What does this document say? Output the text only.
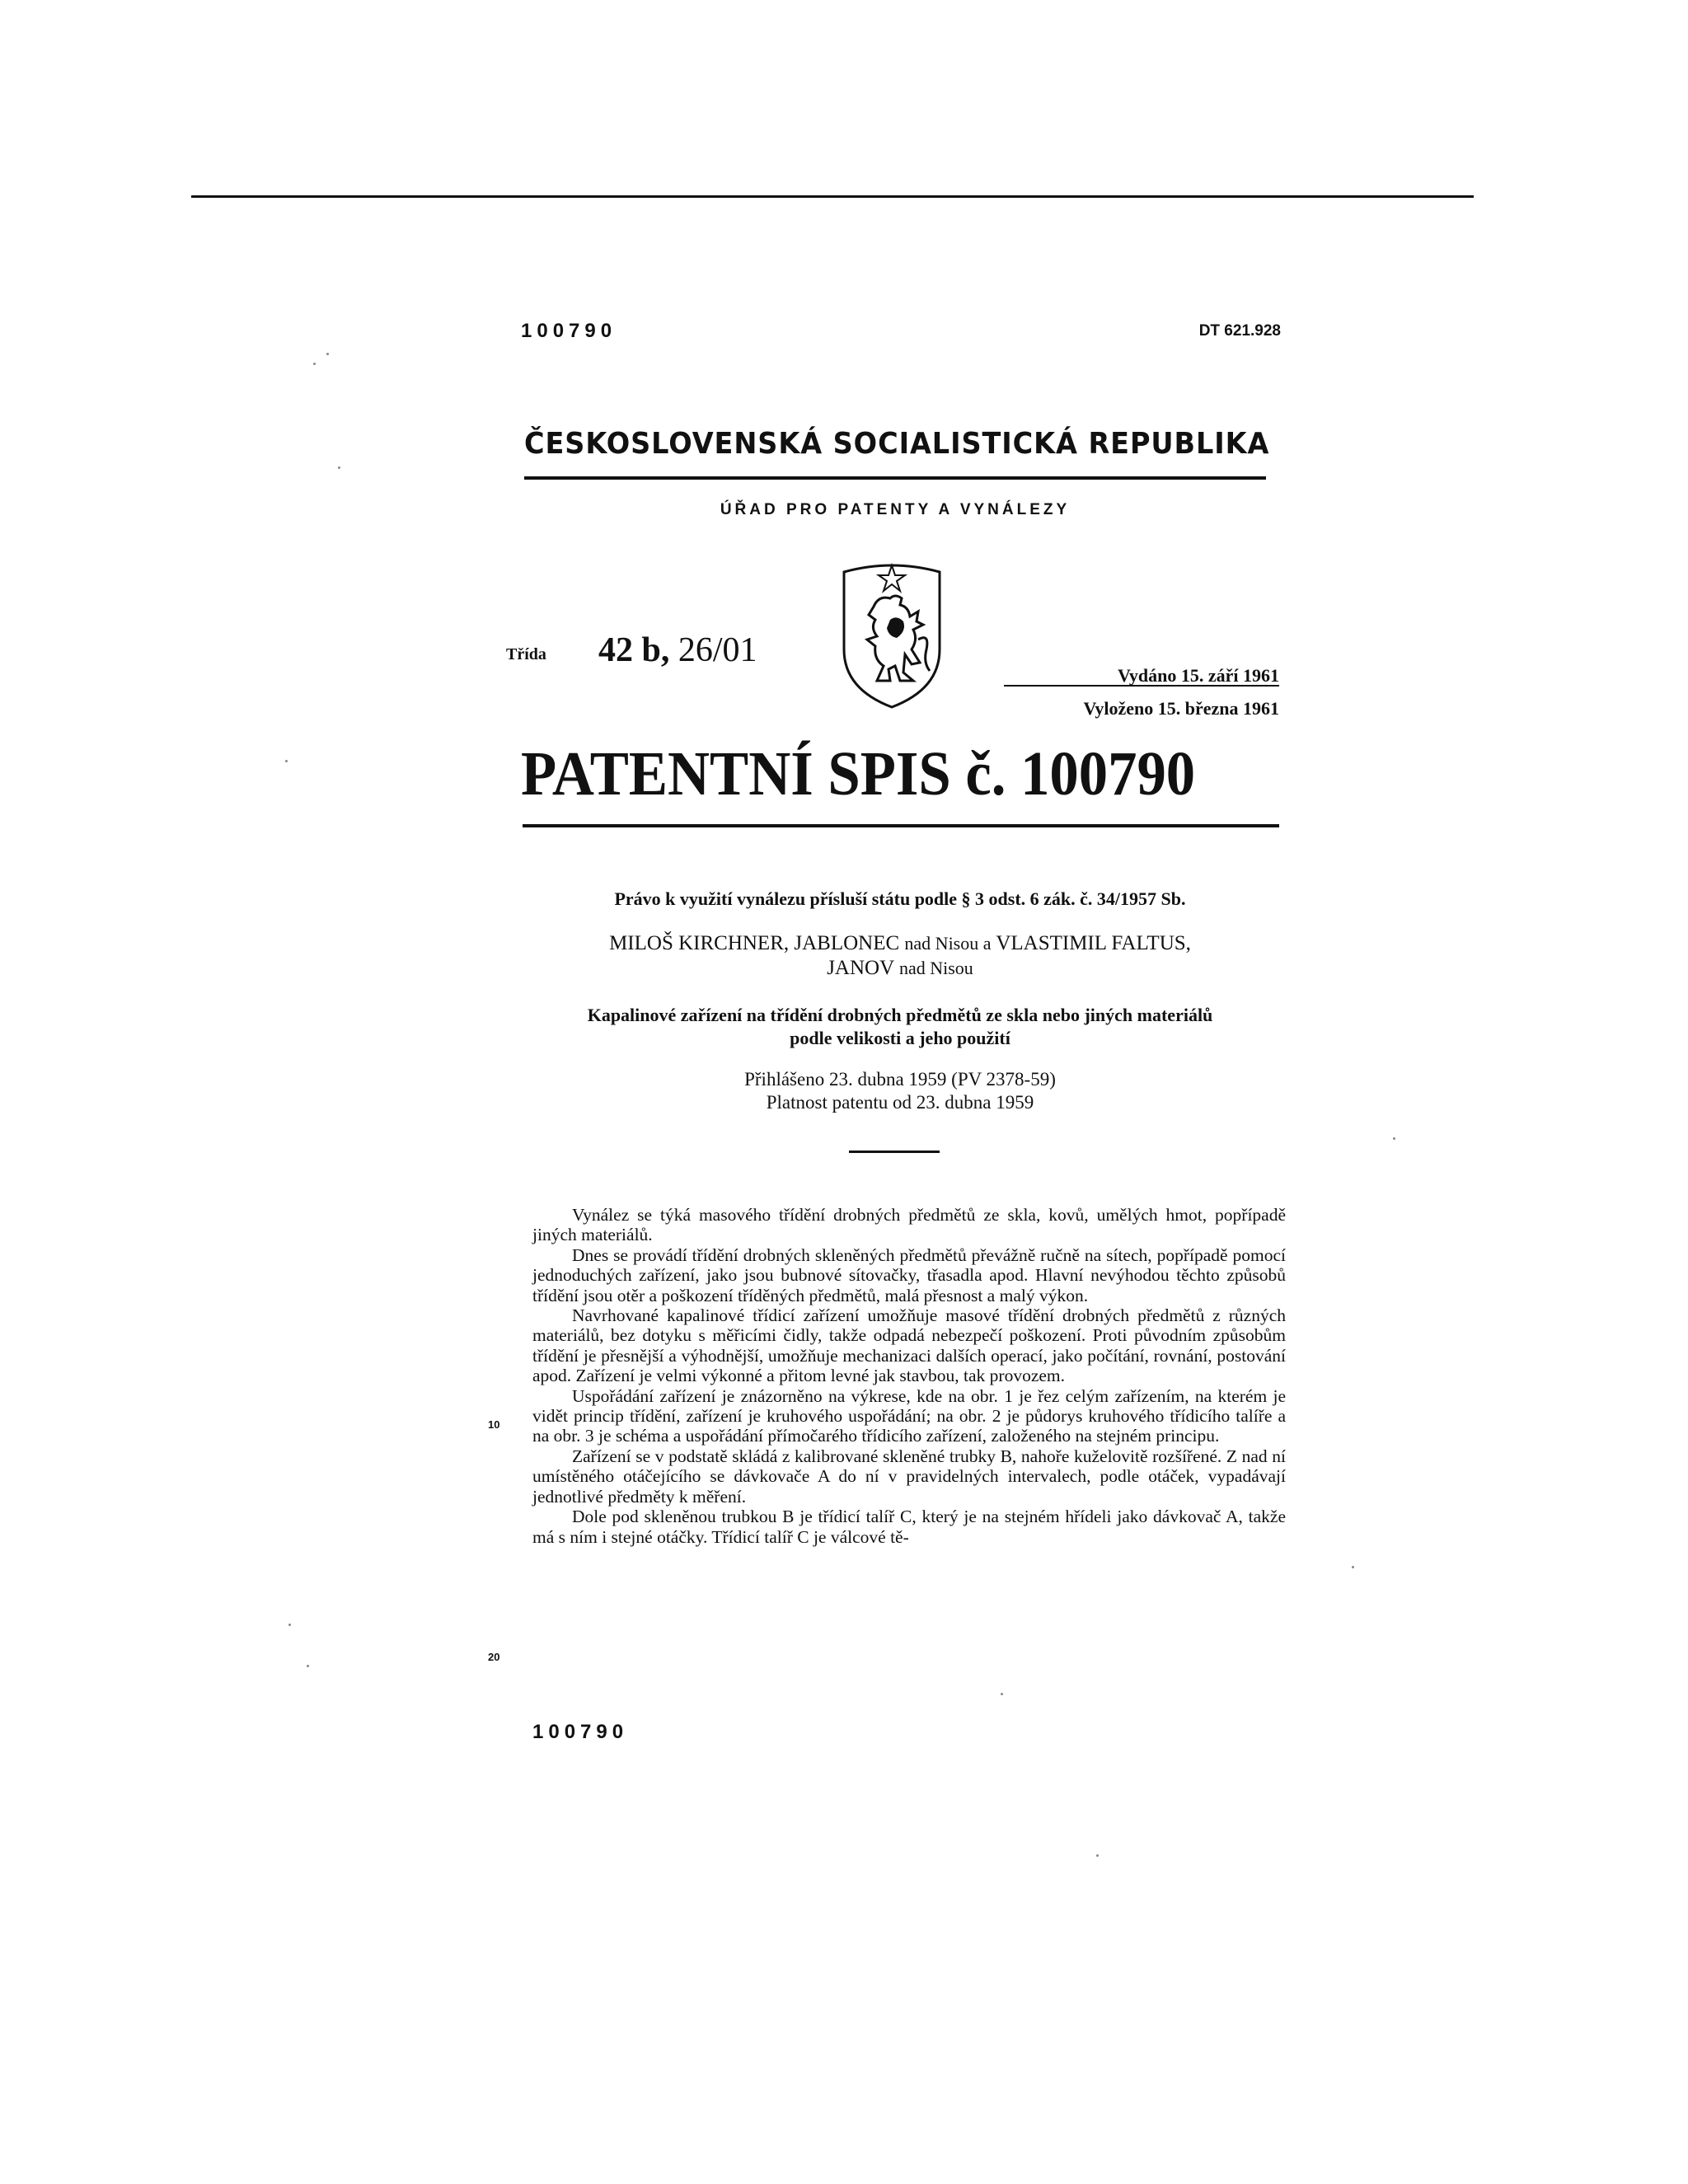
100790	DT 621.928
ČESKOSLOVENSKÁ SOCIALISTICKÁ REPUBLIKA
ÚŘAD PRO PATENTY A VYNÁLEZY
Třída 42 b, 26/01
Vydáno 15. září 1961
Vyloženo 15. března 1961
PATENTNÍ SPIS č. 100790
Právo k využití vynálezu přísluší státu podle § 3 odst. 6 zák. č. 34/1957 Sb.
MILOŠ KIRCHNER, JABLONEC nad Nisou a VLASTIMIL FALTUS,
JANOV nad Nisou
Kapalinové zařízení na třídění drobných předmětů ze skla nebo jiných materiálů
podle velikosti a jeho použití
Přihlášeno 23. dubna 1959 (PV 2378-59)
Platnost patentu od 23. dubna 1959
10
20

Vynález se týká masového třídění drobných předmětů ze skla, kovů, umělých hmot, popřípadě jiných materiálů.

Dnes se provádí třídění drobných skleněných předmětů převážně ručně na sítech, popřípadě pomocí jednoduchých zařízení, jako jsou bubnové sítovačky, třasadla apod. Hlavní nevýhodou těchto způsobů třídění jsou otěr a poškození tříděných předmětů, malá přesnost a malý výkon.

Navrhované kapalinové třídicí zařízení umožňuje masové třídění drobných předmětů z různých materiálů, bez dotyku s měřicími čidly, takže odpadá nebezpečí poškození. Proti původním způsobům třídění je přesnější a výhodnější, umožňuje mechanizaci dalších operací, jako počítání, rovnání, postování apod. Zařízení je velmi výkonné a přitom levné jak stavbou, tak provozem.

Uspořádání zařízení je znázorněno na výkrese, kde na obr. 1 je řez celým zařízením, na kterém je vidět princip třídění, zařízení je kruhového uspořádání; na obr. 2 je půdorys kruhového třídicího talíře a na obr. 3 je schéma a uspořádání přímočarého třídicího zařízení, založeného na stejném principu.

Zařízení se v podstatě skládá z kalibrované skleněné trubky B, nahoře kuželovitě rozšířené. Z nad ní umístěného otáčejícího se dávkovače A do ní v pravidelných intervalech, podle otáček, vypadávají jednotlivé předměty k měření.

Dole pod skleněnou trubkou B je třídicí talíř C, který je na stejném hřídeli jako dávkovač A, takže má s ním i stejné otáčky. Třídicí talíř C je válcové tě-

100790
